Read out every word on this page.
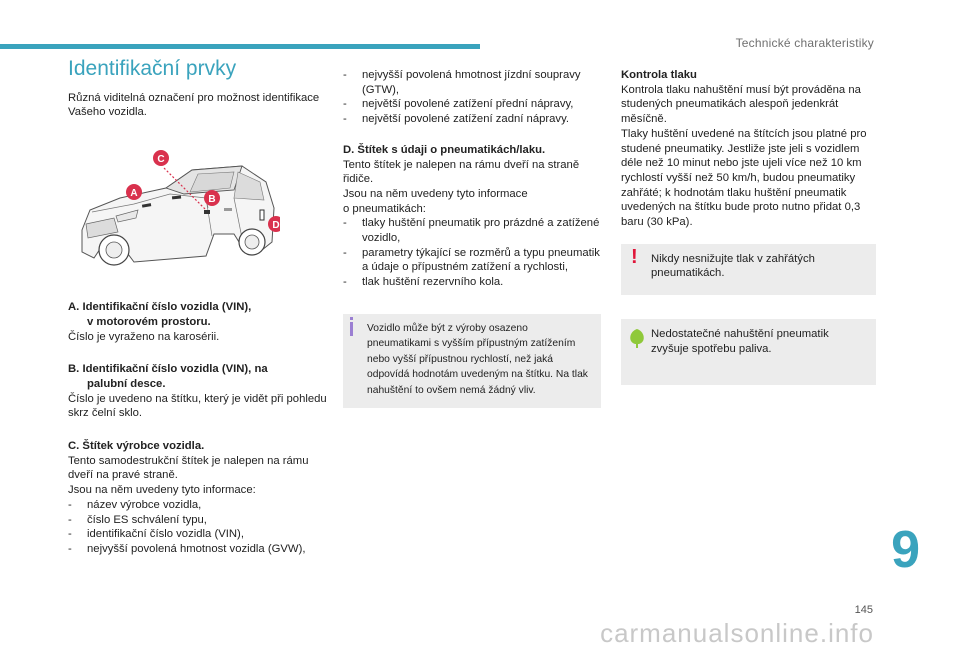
Technické charakteristiky
Identifikační prvky

Různá viditelná označení pro možnost identifikace Vašeho vozidla.

A
C
B
D

A. Identifikační číslo vozidla (VIN),

v motorovém prostoru.

Číslo je vyraženo na karosérii.

B. Identifikační číslo vozidla (VIN), na

palubní desce.

Číslo je uvedeno na štítku, který je vidět při pohledu skrz čelní sklo.

C. Štítek výrobce vozidla.

Tento samodestrukční štítek je nalepen na rámu dveří na pravé straně.

Jsou na něm uvedeny tyto informace:

- název výrobce vozidla,
- číslo ES schválení typu,
- identifikační číslo vozidla (VIN),
- nejvyšší povolená hmotnost vozidla (GVW),
- nejvyšší povolená hmotnost jízdní soupravy (GTW),
- největší povolené zatížení přední nápravy,
- největší povolené zatížení zadní nápravy.

D. Štítek s údaji o pneumatikách/laku.

Tento štítek je nalepen na rámu dveří na straně řidiče.

Jsou na něm uvedeny tyto informace

o pneumatikách:

- tlaky huštění pneumatik pro prázdné a zatížené vozidlo,
- parametry týkající se rozměrů a typu pneumatik a údaje o přípustném zatížení a rychlosti,
- tlak huštění rezervního kola.

Vozidlo může být z výroby osazeno pneumatikami s vyšším přípustným zatížením nebo vyšší přípustnou rychlostí, než jaká odpovídá hodnotám uvedeným na štítku. Na tlak nahuštění to ovšem nemá žádný vliv.

Kontrola tlaku

Kontrola tlaku nahuštění musí být prováděna na studených pneumatikách alespoň jedenkrát měsíčně.

Tlaky huštění uvedené na štítcích jsou platné pro studené pneumatiky. Jestliže jste jeli s vozidlem déle než 10 minut nebo jste ujeli více než 10 km rychlostí vyšší než 50 km/h, budou pneumatiky zahřáté; k hodnotám tlaku huštění pneumatik uvedených na štítku bude proto nutno přidat 0,3 baru (30 kPa).

! Nikdy nesnižujte tlak v zahřátých pneumatikách.

Nedostatečné nahuštění pneumatik zvyšuje spotřebu paliva.

9
145
carmanualsonline.info
